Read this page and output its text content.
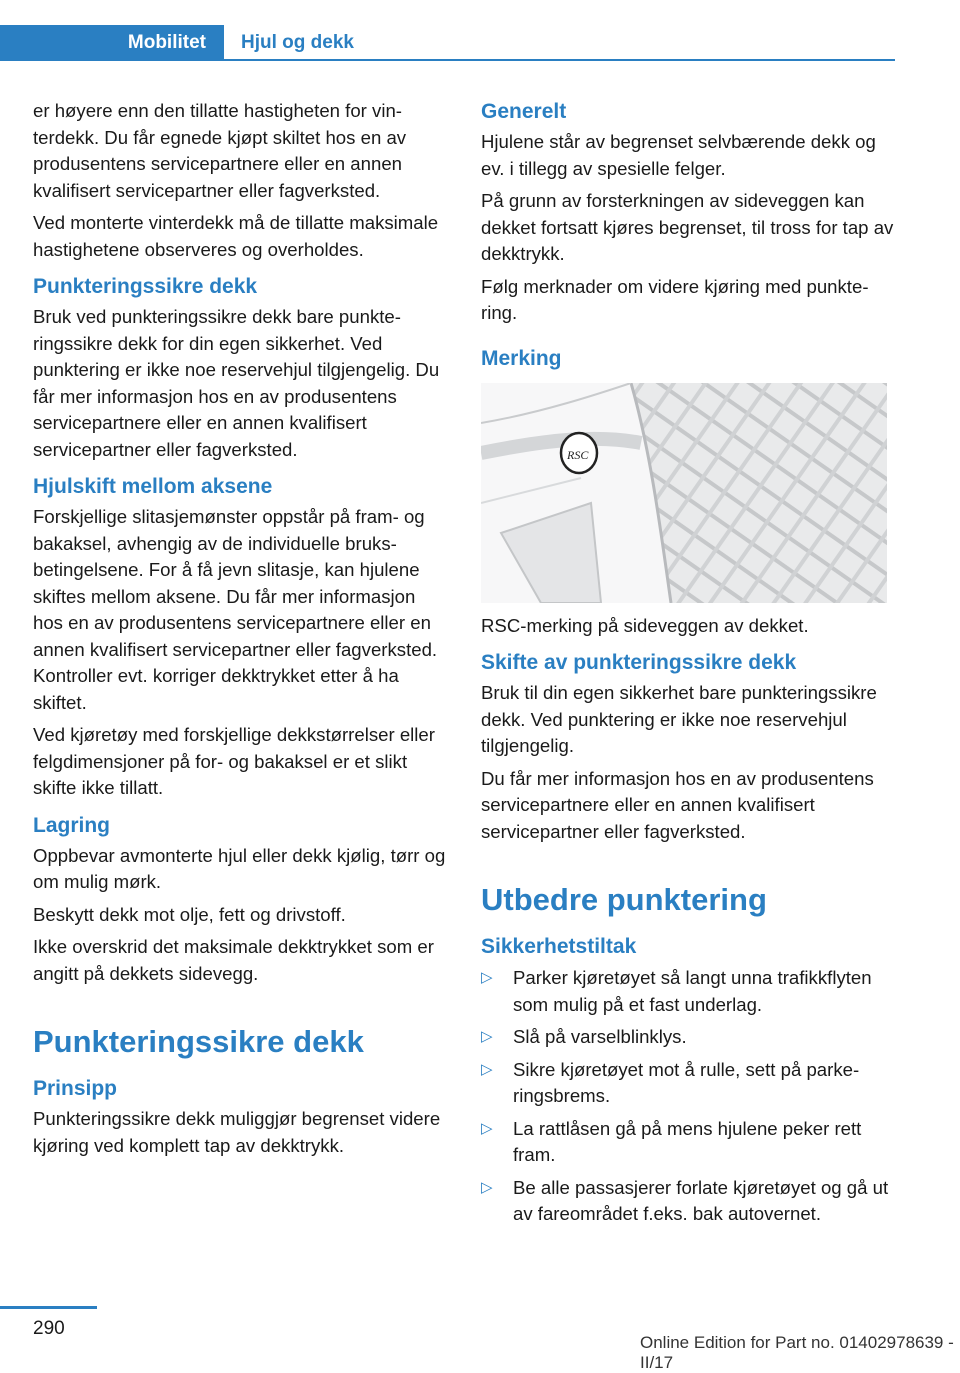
Mobilitet	Hjul og dekk

er høyere enn den tillatte hastigheten for vinterdekk. Du får egnede kjøpt skiltet hos en av produsentens servicepartnere eller en annen kvalifisert servicepartner eller fagverksted.

Ved monterte vinterdekk må de tillatte maksimale hastighetene observeres og overholdes.

Punkteringssikre dekk

Bruk ved punkteringssikre dekk bare punkteringssikre dekk for din egen sikkerhet. Ved punktering er ikke noe reservehjul tilgjengelig. Du får mer informasjon hos en av produsentens servicepartnere eller en annen kvalifisert servicepartner eller fagverksted.

Hjulskift mellom aksene

Forskjellige slitasjemønster oppstår på fram- og bakaksel, avhengig av de individuelle bruksbetingelsene. For å få jevn slitasje, kan hjulene skiftes mellom aksene. Du får mer informasjon hos en av produsentens servicepartnere eller en annen kvalifisert servicepartner eller fagverksted. Kontroller evt. korriger dekktrykket etter å ha skiftet.

Ved kjøretøy med forskjellige dekkstørrelser eller felgdimensjoner på for- og bakaksel er et slikt skifte ikke tillatt.

Lagring

Oppbevar avmonterte hjul eller dekk kjølig, tørr og om mulig mørk.

Beskytt dekk mot olje, fett og drivstoff.

Ikke overskrid det maksimale dekktrykket som er angitt på dekkets sidevegg.

Punkteringssikre dekk
Prinsipp

Punkteringssikre dekk muliggjør begrenset videre kjøring ved komplett tap av dekktrykk.

Generelt

Hjulene står av begrenset selvbærende dekk og ev. i tillegg av spesielle felger.

På grunn av forsterkningen av sideveggen kan dekket fortsatt kjøres begrenset, til tross for tap av dekktrykk.

Følg merknader om videre kjøring med punktering.

Merking
RSC

RSC-merking på sideveggen av dekket.

Skifte av punkteringssikre dekk

Bruk til din egen sikkerhet bare punkteringssikre dekk. Ved punktering er ikke noe reservehjul tilgjengelig.

Du får mer informasjon hos en av produsentens servicepartnere eller en annen kvalifisert servicepartner eller fagverksted.

Utbedre punktering
Sikkerhetstiltak
▷ Parker kjøretøyet så langt unna trafikkflyten som mulig på et fast underlag.
▷ Slå på varselblinklys.
▷ Sikre kjøretøyet mot å rulle, sett på parkeringsbrems.
▷ La rattlåsen gå på mens hjulene peker rett fram.
▷ Be alle passasjerer forlate kjøretøyet og gå ut av fareområdet f.eks. bak autovernet.
290
Online Edition for Part no. 01402978639 - II/17
